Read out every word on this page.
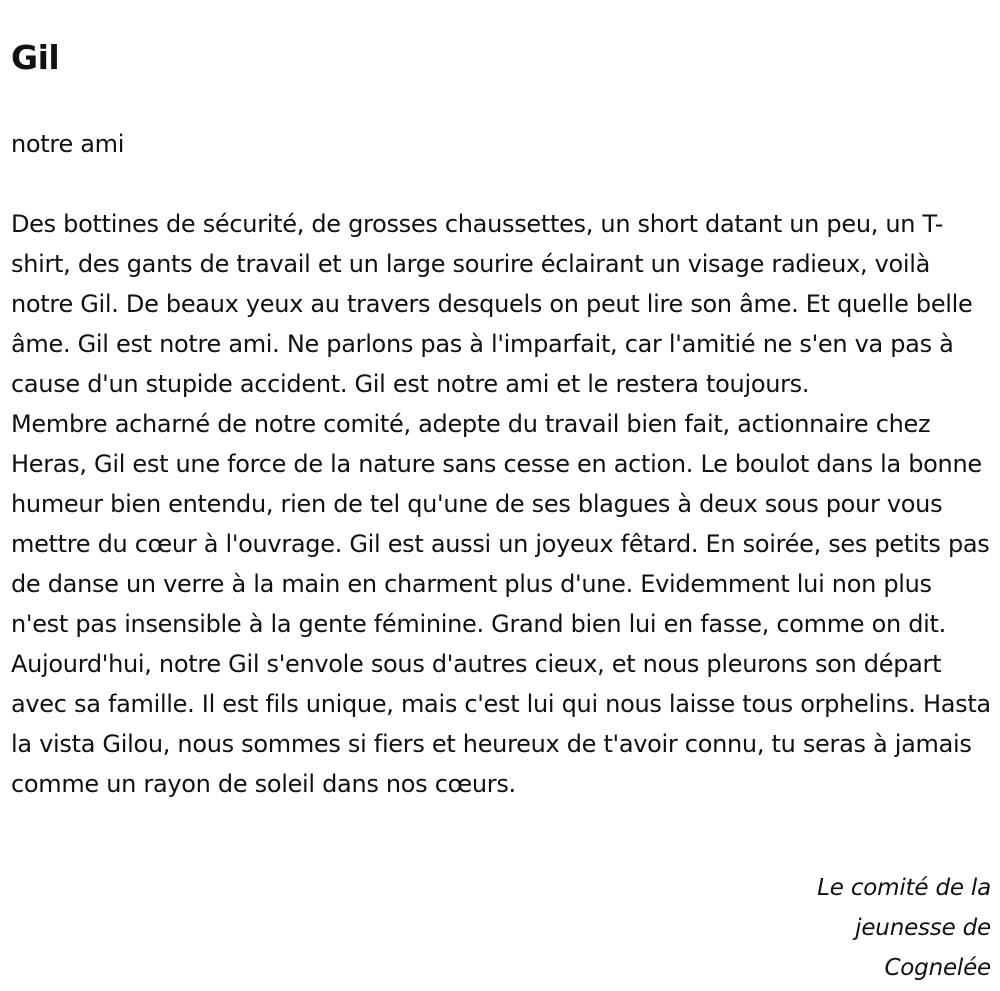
Gil

notre ami

Des bottines de sécurité, de grosses chaussettes, un short datant un peu, un T-shirt, des gants de travail et un large sourire éclairant un visage radieux, voilà notre Gil. De beaux yeux au travers desquels on peut lire son âme. Et quelle belle âme. Gil est notre ami. Ne parlons pas à l'imparfait, car l'amitié ne s'en va pas à cause d'un stupide accident. Gil est notre ami et le restera toujours.

Membre acharné de notre comité, adepte du travail bien fait, actionnaire chez Heras, Gil est une force de la nature sans cesse en action. Le boulot dans la bonne humeur bien entendu, rien de tel qu'une de ses blagues à deux sous pour vous mettre du cœur à l'ouvrage. Gil est aussi un joyeux fêtard. En soirée, ses petits pas de danse un verre à la main en charment plus d'une. Evidemment lui non plus n'est pas insensible à la gente féminine. Grand bien lui en fasse, comme on dit. Aujourd'hui, notre Gil s'envole sous d'autres cieux, et nous pleurons son départ avec sa famille. Il est fils unique, mais c'est lui qui nous laisse tous orphelins. Hasta la vista Gilou, nous sommes si fiers et heureux de t'avoir connu, tu seras à jamais comme un rayon de soleil dans nos cœurs.

Le comité de la
jeunesse de
Cognelée
